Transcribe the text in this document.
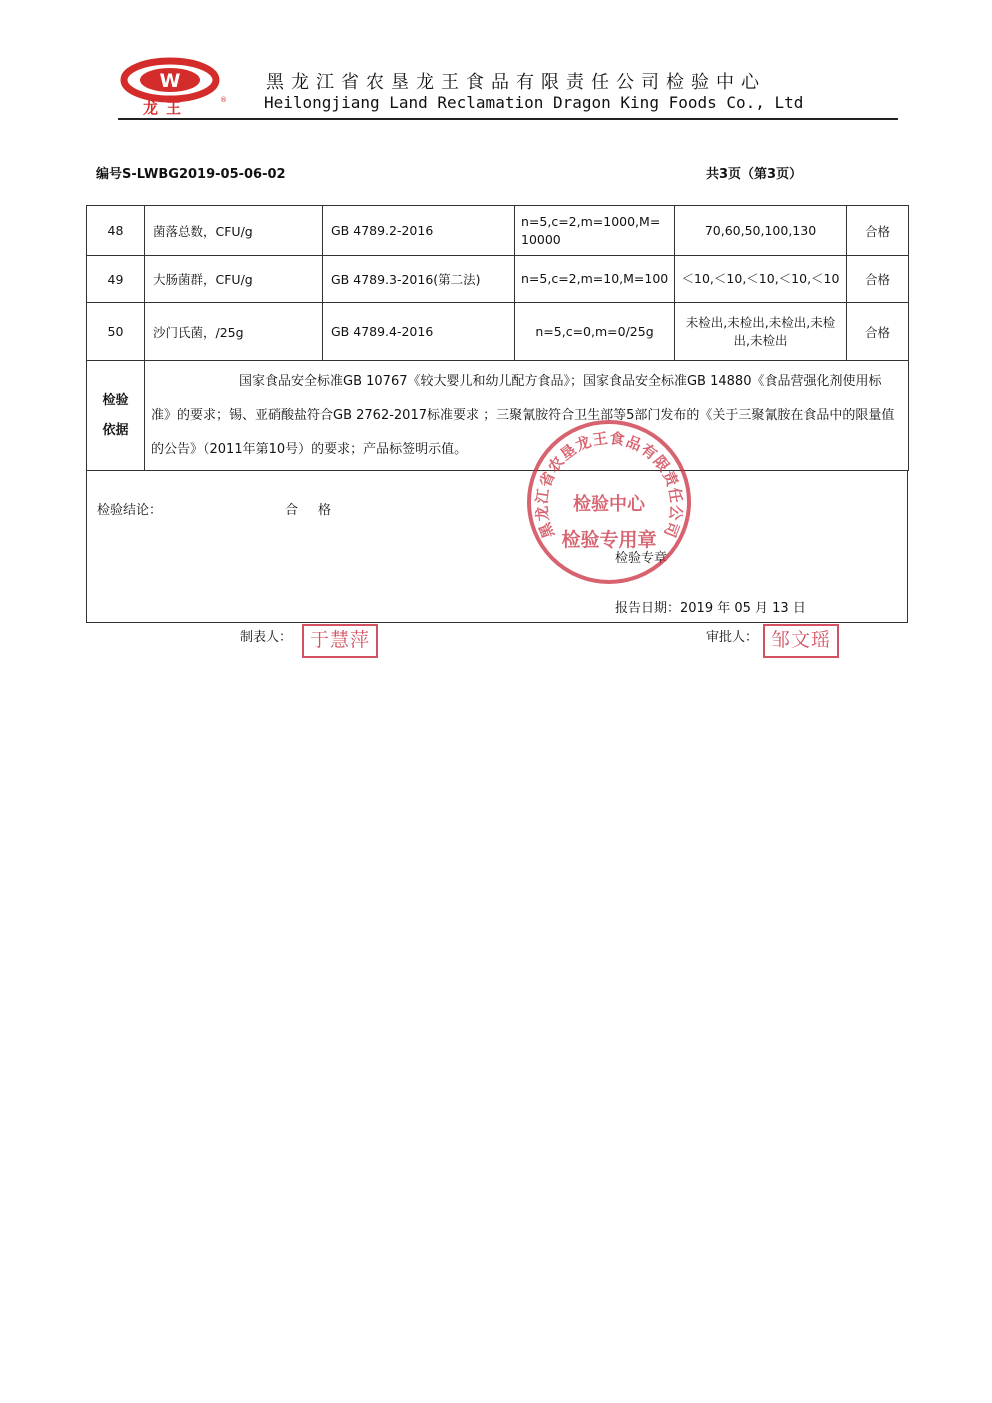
W
龙王	®
黑龙江省农垦龙王食品有限责任公司检验中心
Heilongjiang Land Reclamation Dragon King Foods Co., Ltd
编号S-LWBG2019-05-06-02	共3页（第3页）
48	菌落总数，CFU/g	GB 4789.2-2016	n=5,c=2,m=1000,M=10000	70,60,50,100,130	合格
49	大肠菌群，CFU/g	GB 4789.3-2016(第二法)	n=5,c=2,m=10,M=100	＜10,＜10,＜10,＜10,＜10	合格
50	沙门氏菌，/25g	GB 4789.4-2016	n=5,c=0,m=0/25g	未检出,未检出,未检出,未检出,未检出	合格

检验
依据	国家食品安全标准GB 10767《较大婴儿和幼儿配方食品》；国家食品安全标准GB 14880《食品营强化剂使用标准》的要求；锡、亚硝酸盐符合GB 2762-2017标准要求 ；三聚氰胺符合卫生部等5部门发布的《关于三聚氰胺在食品中的限量值的公告》（2011年第10号）的要求；产品标签明示值。				
检验结论：	合格
检验专章
报告日期：2019 年 05 月 13 日
黑龙江省农垦龙王食品有限责任公司
检验中心
检验专用章
制表人： 于慧萍	审批人： 邹文瑶
